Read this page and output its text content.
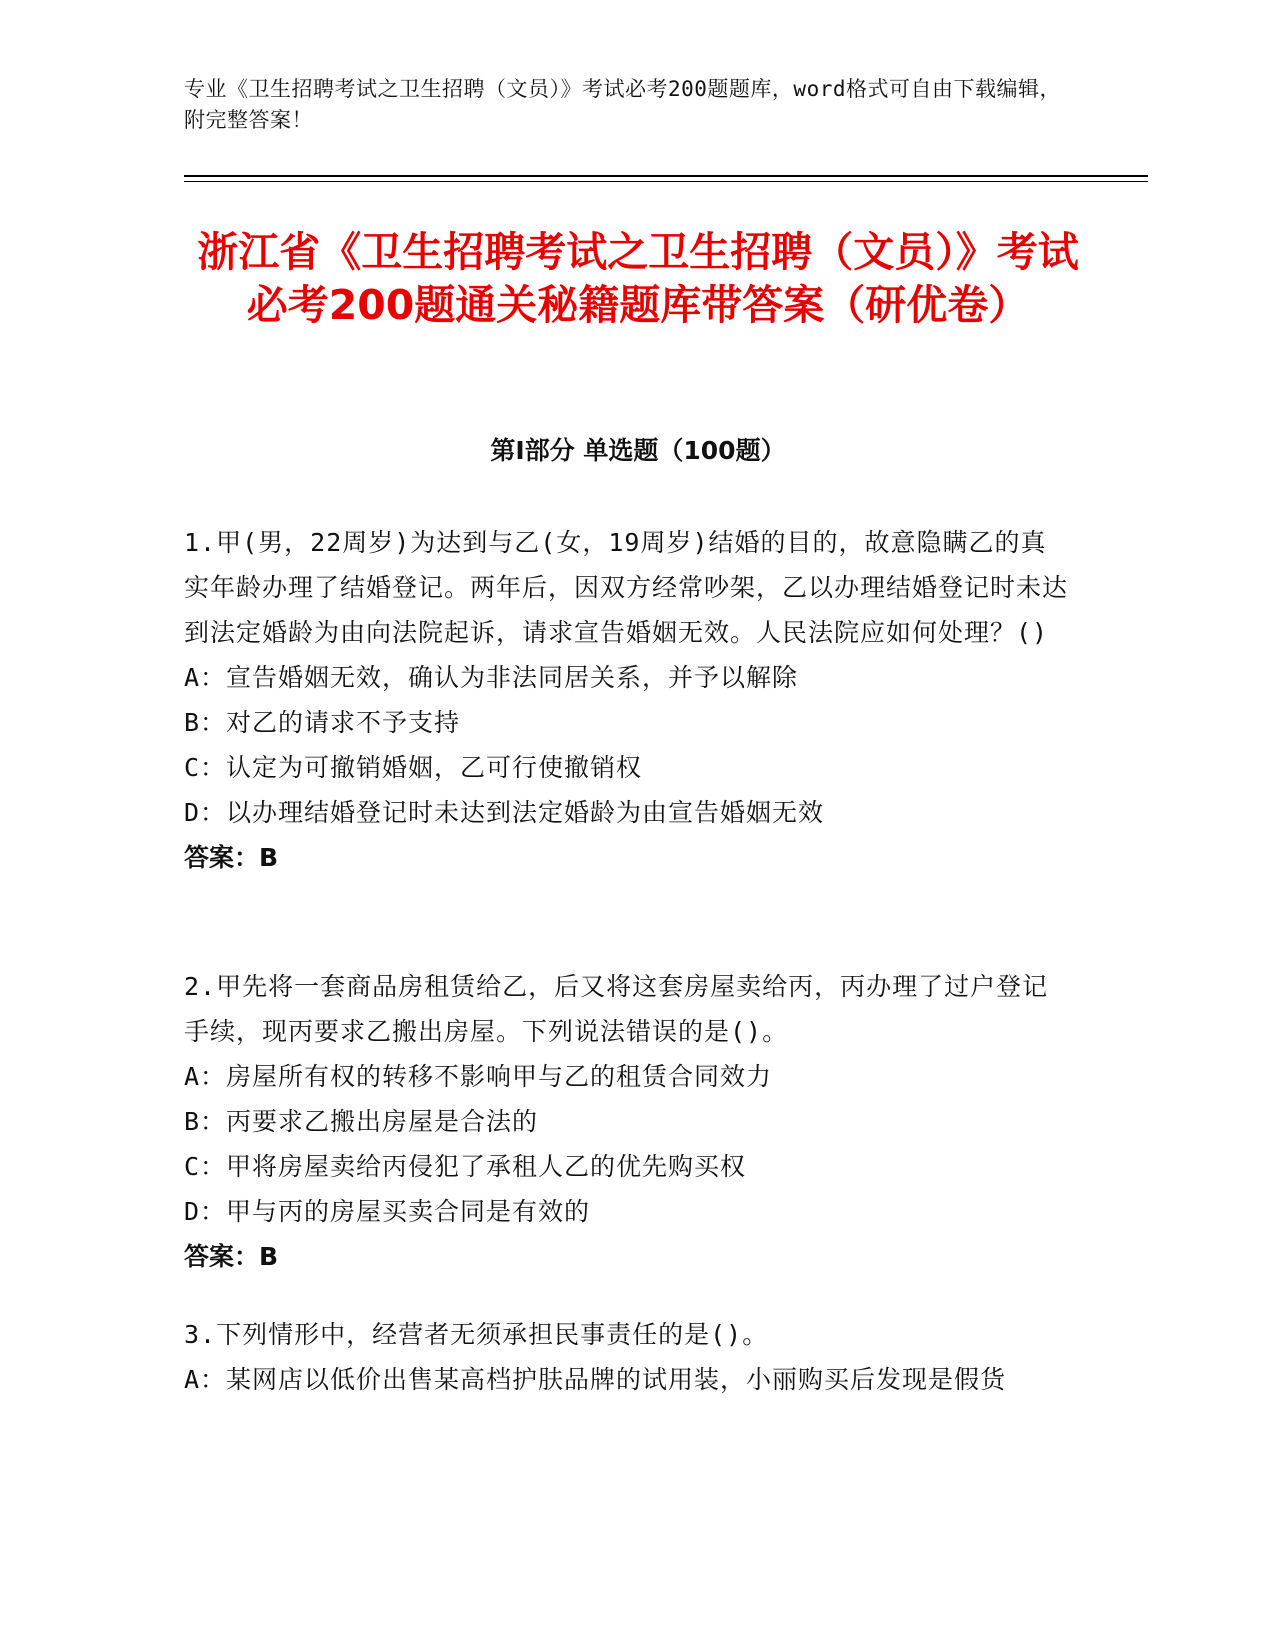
专业《卫生招聘考试之卫生招聘（文员）》考试必考200题题库，word格式可自由下载编辑，附完整答案！
浙江省《卫生招聘考试之卫生招聘（文员）》考试必考200题通关秘籍题库带答案（研优卷）
第I部分 单选题（100题）

1.甲(男，22周岁)为达到与乙(女，19周岁)结婚的目的，故意隐瞒乙的真实年龄办理了结婚登记。两年后，因双方经常吵架，乙以办理结婚登记时未达到法定婚龄为由向法院起诉，请求宣告婚姻无效。人民法院应如何处理？()

A：宣告婚姻无效，确认为非法同居关系，并予以解除

B：对乙的请求不予支持

C：认定为可撤销婚姻，乙可行使撤销权

D：以办理结婚登记时未达到法定婚龄为由宣告婚姻无效

答案：B

2.甲先将一套商品房租赁给乙，后又将这套房屋卖给丙，丙办理了过户登记手续，现丙要求乙搬出房屋。下列说法错误的是()。

A：房屋所有权的转移不影响甲与乙的租赁合同效力

B：丙要求乙搬出房屋是合法的

C：甲将房屋卖给丙侵犯了承租人乙的优先购买权

D：甲与丙的房屋买卖合同是有效的

答案：B

3.下列情形中，经营者无须承担民事责任的是()。

A：某网店以低价出售某高档护肤品牌的试用装，小丽购买后发现是假货
